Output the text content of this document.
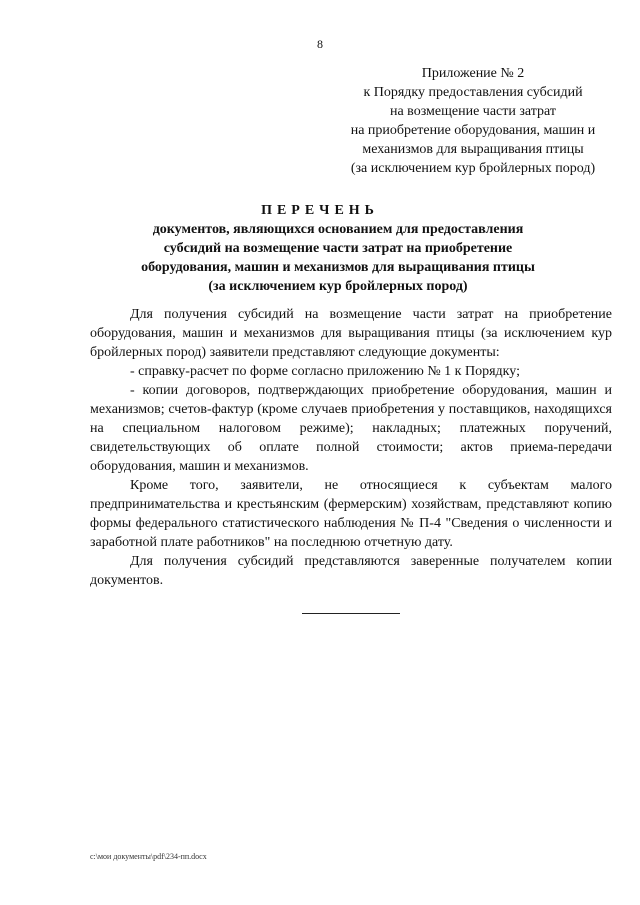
8
Приложение № 2
к Порядку предоставления субсидий
на возмещение части затрат
на приобретение оборудования, машин и
механизмов для выращивания птицы
(за исключением кур бройлерных пород)
ПЕРЕЧЕНЬ
документов, являющихся основанием для предоставления
субсидий на возмещение части затрат на приобретение
оборудования, машин и механизмов для выращивания птицы
(за исключением кур бройлерных пород)

Для получения субсидий на возмещение части затрат на приобретение оборудования, машин и механизмов для выращивания птицы (за исключением кур бройлерных пород) заявители представляют следующие документы:

- справку-расчет по форме согласно приложению № 1 к Порядку;

- копии договоров, подтверждающих приобретение оборудования, машин и механизмов; счетов-фактур (кроме случаев приобретения у поставщиков, находящихся на специальном налоговом режиме); накладных; платежных поручений, свидетельствующих об оплате полной стоимости; актов приема-передачи оборудования, машин и механизмов.

Кроме того, заявители, не относящиеся к субъектам малого предпринимательства и крестьянским (фермерским) хозяйствам, представляют копию формы федерального статистического наблюдения № П-4 "Сведения о численности и заработной плате работников" на последнюю отчетную дату.

Для получения субсидий представляются заверенные получателем копии документов.

c:\мои документы\pdf\234-пп.docx
